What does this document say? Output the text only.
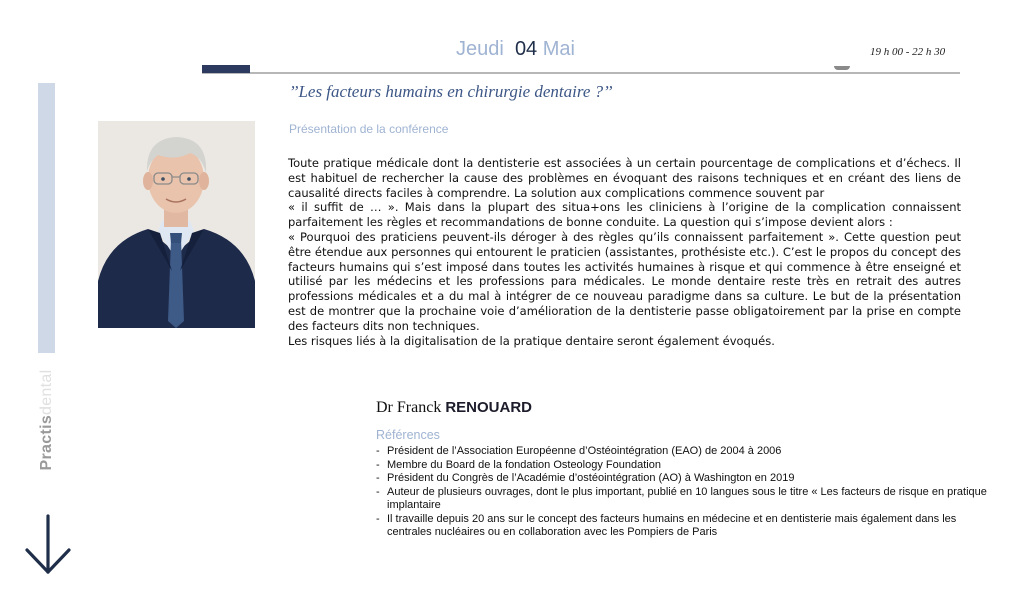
Practisdental
Jeudi 04 Mai	19 h 00 - 22 h 30
’’Les facteurs humains en chirurgie dentaire ?’’
Présentation de la conférence

Toute pratique médicale dont la dentisterie est associées à un certain pourcentage de complications et d’échecs. Il est habituel de rechercher la cause des problèmes en évoquant des raisons techniques et en créant des liens de causalité directs faciles à comprendre. La solution aux complications commence souvent par

« il suffit de … ». Mais dans la plupart des situa+ons les cliniciens à l’origine de la complication connaissent parfaitement les règles et recommandations de bonne conduite. La question qui s’impose devient alors :

« Pourquoi des praticiens peuvent-ils déroger à des règles qu’ils connaissent parfaitement ». Cette question peut être étendue aux personnes qui entourent le praticien (assistantes, prothésiste etc.). C’est le propos du concept des facteurs humains qui s’est imposé dans toutes les activités humaines à risque et qui commence à être enseigné et utilisé par les médecins et les professions para médicales. Le monde dentaire reste très en retrait des autres professions médicales et a du mal à intégrer de ce nouveau paradigme dans sa culture. Le but de la présentation est de montrer que la prochaine voie d’amélioration de la dentisterie passe obligatoirement par la prise en compte des facteurs dits non techniques.

Les risques liés à la digitalisation de la pratique dentaire seront également évoqués.

Dr Franck RENOUARD
Références
- Président de l’Association Européenne d’Ostéointégration (EAO) de 2004 à 2006
- Membre du Board de la fondation Osteology Foundation
- Président du Congrès de l’Académie d’ostéointégration (AO) à Washington en 2019
- Auteur de plusieurs ouvrages, dont le plus important, publié en 10 langues sous le titre « Les facteurs de risque en pratique implantaire
- Il travaille depuis 20 ans sur le concept des facteurs humains en médecine et en dentisterie mais également dans les centrales nucléaires ou en collaboration avec les Pompiers de Paris
